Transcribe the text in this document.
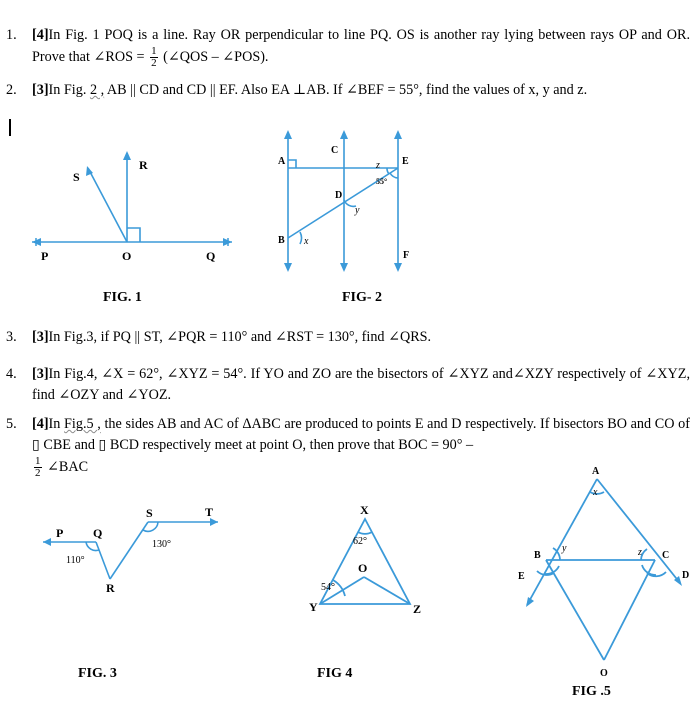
1. [4]In Fig. 1 POQ is a line. Ray OR perpendicular to line PQ. OS is another ray lying between rays OP and OR. Prove that ∠ROS = $\frac{1}{2}$ (∠QOS – ∠POS).
2. [3]In Fig. 2 , AB || CD and CD || EF. Also EA ⊥AB. If ∠BEF = 55°, find the values of x, y and z.
S
R
P	O	Q
FIG. 1
A
C
E
z
55°
D
y
B x
F
FIG- 2
3. [3]In Fig.3, if PQ || ST, ∠PQR = 110° and ∠RST = 130°, find ∠QRS.
4. [3]In Fig.4, ∠X = 62°, ∠XYZ = 54°. If YO and ZO are the bisectors of ∠XYZ and∠XZY respectively of ∠XYZ, find ∠OZY and ∠YOZ.
5. [4]In Fig.5 , the sides AB and AC of ΔABC are produced to points E and D respectively. If bisectors BO and CO of ▯ CBE and ▯ BCD respectively meet at point O, then prove that BOC = 90° –

$\frac{1}{2}$ ∠BAC
P Q
S	T
R
110°
130°
FIG. 3
X
62°
O
54°
Y	Z
FIG 4
A
x
B
y	z C
E	D
O
FIG .5
